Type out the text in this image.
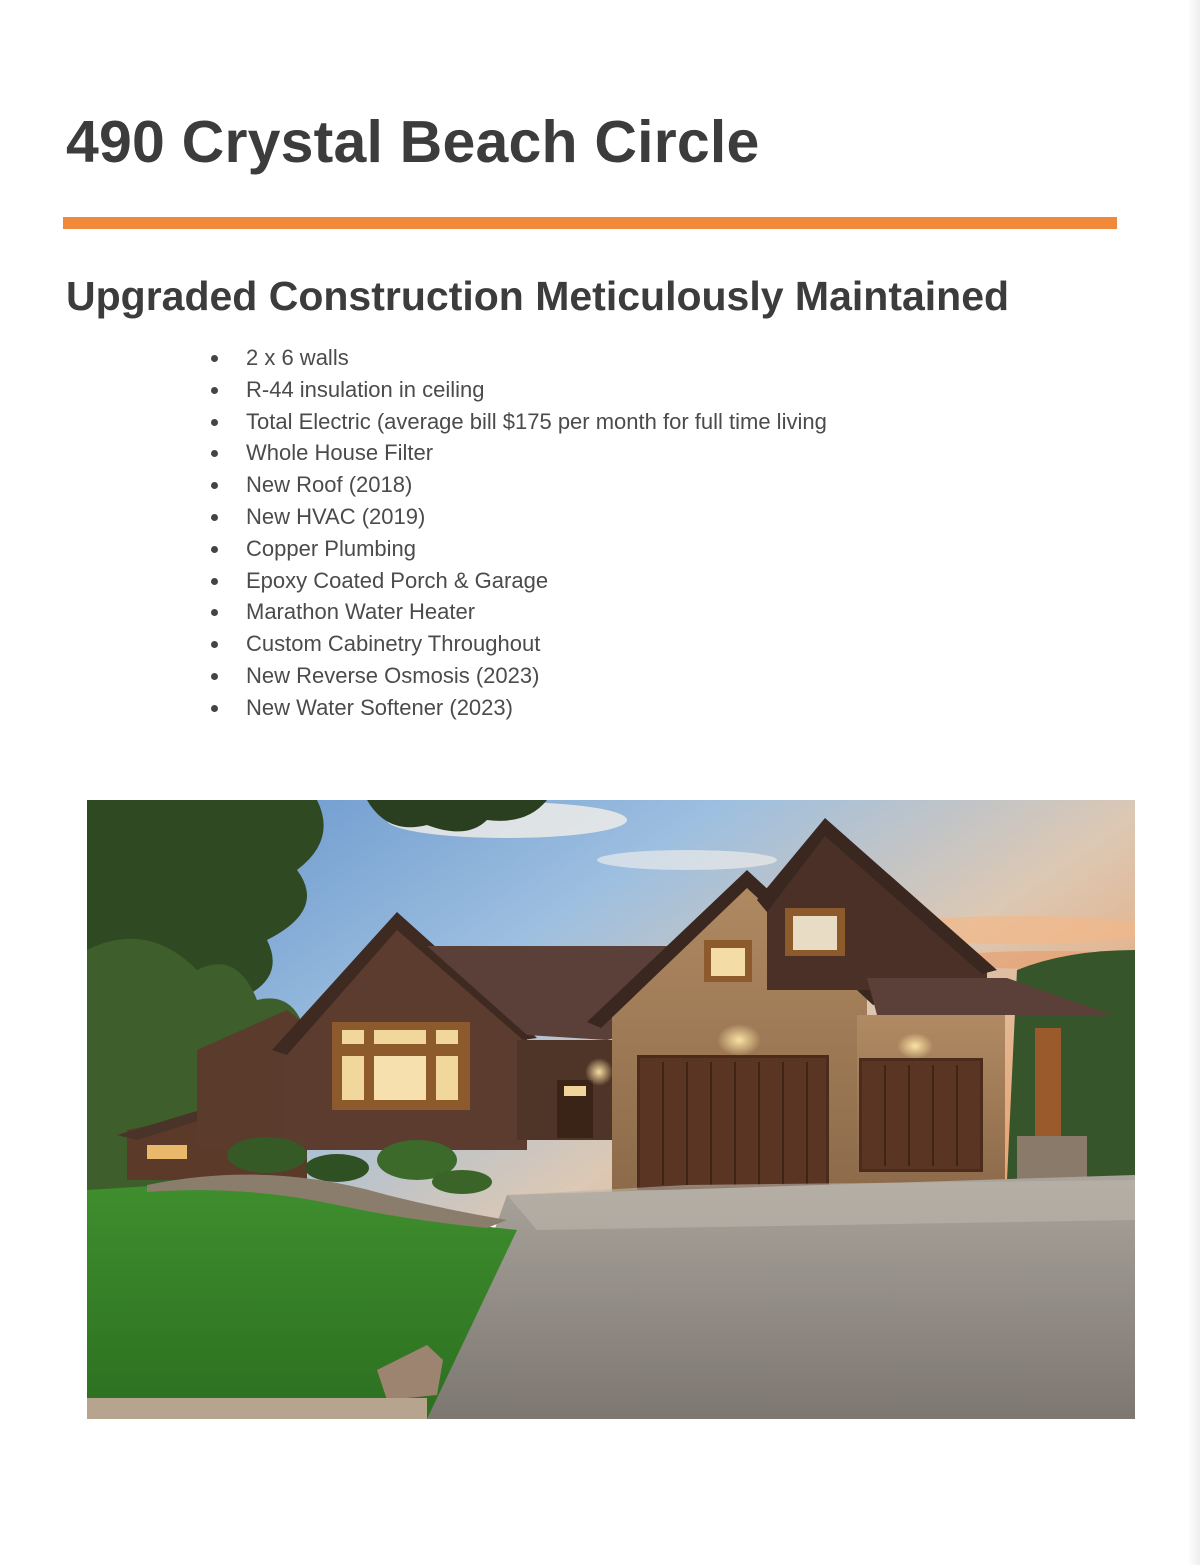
490 Crystal Beach Circle
Upgraded Construction Meticulously Maintained
2 x 6 walls
R-44 insulation in ceiling
Total Electric (average bill $175 per month for full time living
Whole House Filter
New Roof (2018)
New HVAC (2019)
Copper Plumbing
Epoxy Coated Porch & Garage
Marathon Water Heater
Custom Cabinetry Throughout
New Reverse Osmosis (2023)
New Water Softener (2023)
